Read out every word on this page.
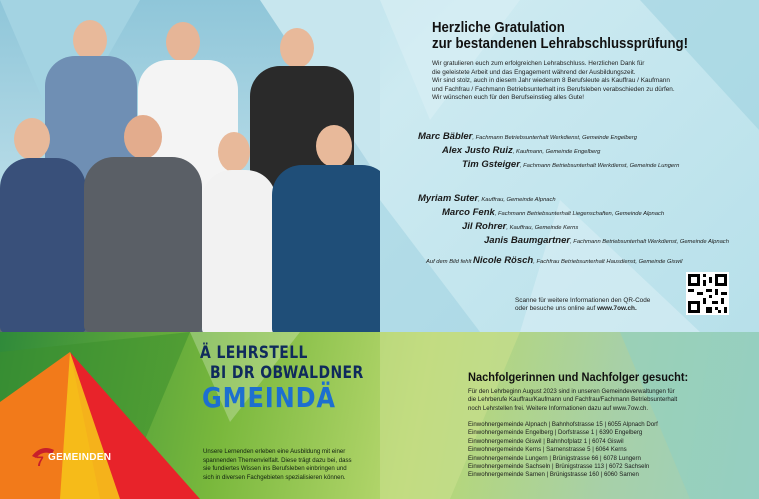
Herzliche Gratulation
zur bestandenen Lehrabschlussprüfung!
Wir gratulieren euch zum erfolgreichen Lehrabschluss. Herzlichen Dank für
die geleistete Arbeit und das Engagement während der Ausbildungszeit.
Wir sind stolz, auch in diesem Jahr wiederum 8 Berufsleute als Kauffrau / Kaufmann
und Fachfrau / Fachmann Betriebsunterhalt ins Berufsleben verabschieden zu dürfen.
Wir wünschen euch für den Berufseinstieg alles Gute!
Marc Bäbler, Fachmann Betriebsunterhalt Werkdienst, Gemeinde Engelberg
Alex Justo Ruiz, Kaufmann, Gemeinde Engelberg
Tim Gsteiger, Fachmann Betriebsunterhalt Werkdienst, Gemeinde Lungern
Myriam Suter, Kauffrau, Gemeinde Alpnach
Marco Fenk, Fachmann Betriebsunterhalt Liegenschaften, Gemeinde Alpnach
Jil Rohrer, Kauffrau, Gemeinde Kerns
Janis Baumgartner, Fachmann Betriebsunterhalt Werkdienst, Gemeinde Alpnach
Auf dem Bild fehlt Nicole Rösch, Fachfrau Betriebsunterhalt Hausdienst, Gemeinde Giswil
Scanne für weitere Informationen den QR-Code
oder besuche uns online auf www.7ow.ch.
7 GEMEINDEN
Ä LEHRSTELL
BI DR OBWALDNER
GMEINDÄ
Unsere Lernenden erleben eine Ausbildung mit einer
spannenden Themenvielfalt. Diese trägt dazu bei, dass
sie fundiertes Wissen ins Berufsleben einbringen und
sich in diversen Fachgebieten spezialisieren können.
Nachfolgerinnen und Nachfolger gesucht:
Für den Lehrbeginn August 2023 sind in unseren Gemeindeverwaltungen für
die Lehrberufe Kauffrau/Kaufmann und Fachfrau/Fachmann Betriebsunterhalt
noch Lehrstellen frei. Weitere Informationen dazu auf www.7ow.ch.
Einwohnergemeinde Alpnach | Bahnhofstrasse 15 | 6055 Alpnach Dorf
Einwohnergemeinde Engelberg | Dorfstrasse 1 | 6390 Engelberg
Einwohnergemeinde Giswil | Bahnhofplatz 1 | 6074 Giswil
Einwohnergemeinde Kerns | Sarnenstrasse 5 | 6064 Kerns
Einwohnergemeinde Lungern | Brünigstrasse 66 | 6078 Lungern
Einwohnergemeinde Sachseln | Brünigstrasse 113 | 6072 Sachseln
Einwohnergemeinde Sarnen | Brünigstrasse 160 | 6060 Sarnen
